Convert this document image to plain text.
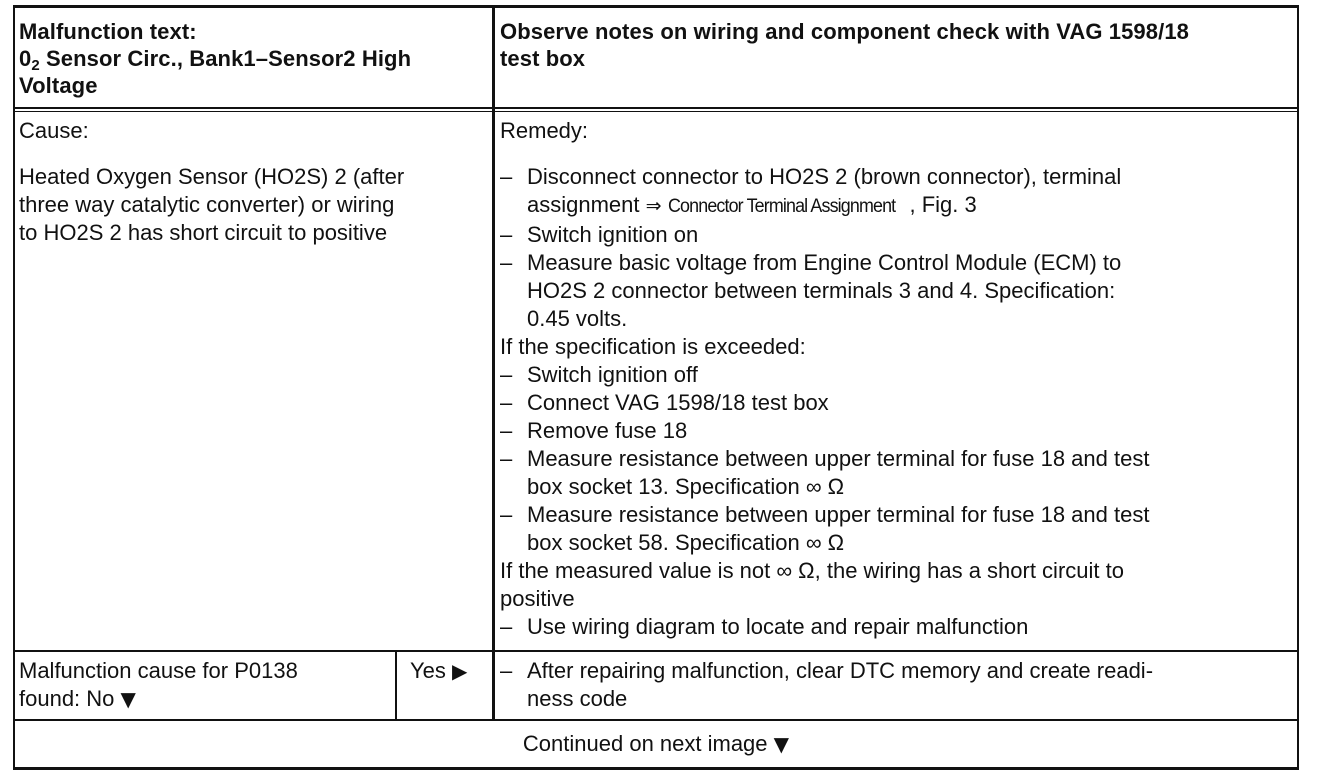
Malfunction text:
$0_2$ Sensor Circ., Bank1–Sensor2 High
Voltage
Observe notes on wiring and component check with VAG 1598/18
test box
Cause:
Heated Oxygen Sensor (HO2S) 2 (after
three way catalytic converter) or wiring
to HO2S 2 has short circuit to positive
Remedy:
– Disconnect connector to HO2S 2 (brown connector), terminal
assignment ⇒ Connector Terminal Assignment , Fig. 3
– Switch ignition on
– Measure basic voltage from Engine Control Module (ECM) to
HO2S 2 connector between terminals 3 and 4. Specification:
0.45 volts.
If the specification is exceeded:
– Switch ignition off
– Connect VAG 1598/18 test box
– Remove fuse 18
– Measure resistance between upper terminal for fuse 18 and test
box socket 13. Specification ∞ Ω
– Measure resistance between upper terminal for fuse 18 and test
box socket 58. Specification ∞ Ω
If the measured value is not ∞ Ω, the wiring has a short circuit to
positive
– Use wiring diagram to locate and repair malfunction
Malfunction cause for P0138
found: No ▼
Yes ▶	– After repairing malfunction, clear DTC memory and create readi-
ness code
Continued on next image ▼
